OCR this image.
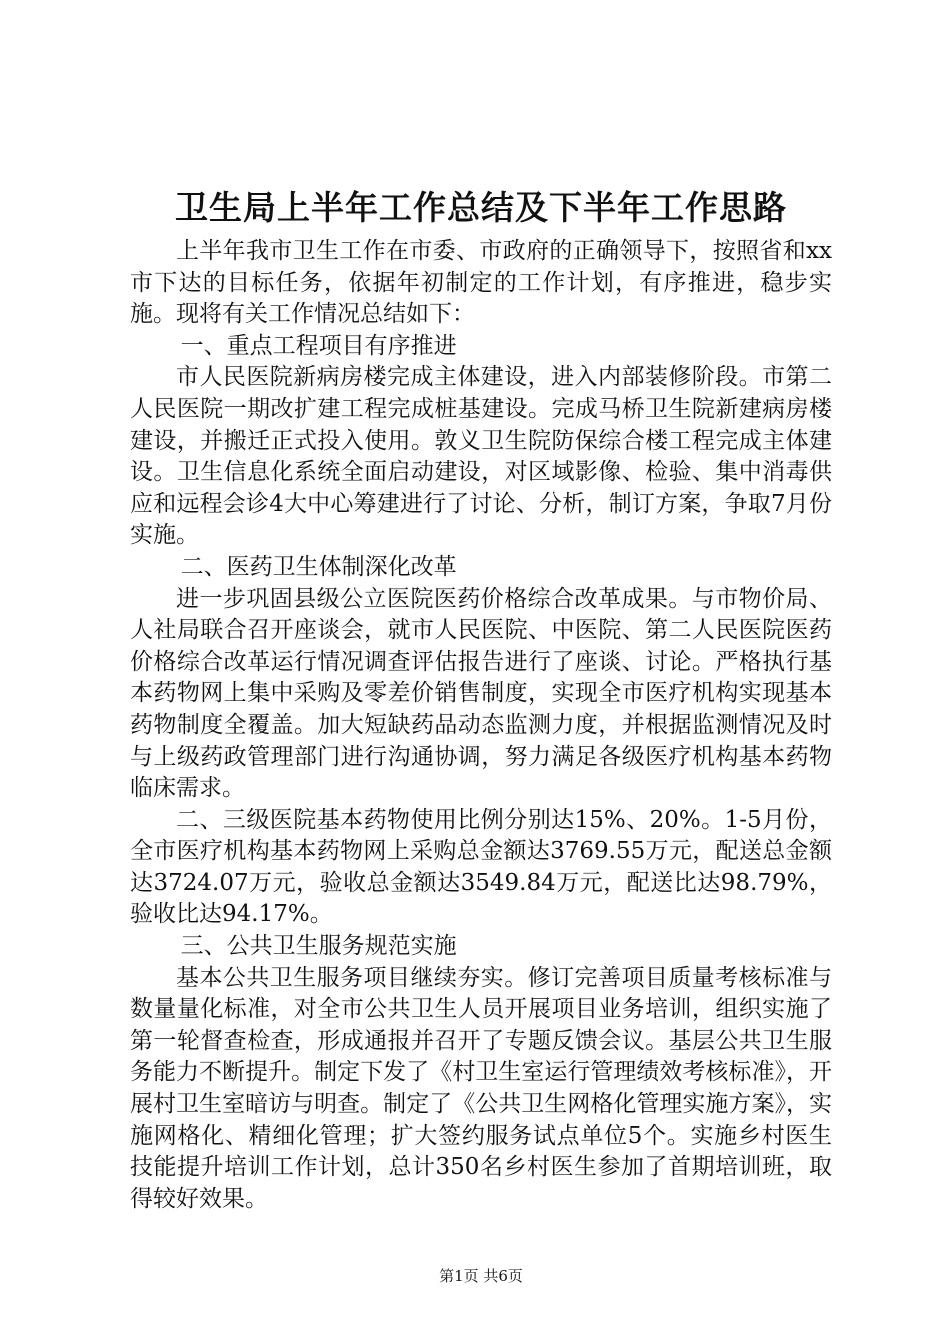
卫生局上半年工作总结及下半年工作思路

上半年我市卫生工作在市委、市政府的正确领导下，按照省和xx市下达的目标任务，依据年初制定的工作计划，有序推进，稳步实施。现将有关工作情况总结如下：

一、重点工程项目有序推进

市人民医院新病房楼完成主体建设，进入内部装修阶段。市第二人民医院一期改扩建工程完成桩基建设。完成马桥卫生院新建病房楼建设，并搬迁正式投入使用。敦义卫生院防保综合楼工程完成主体建设。卫生信息化系统全面启动建设，对区域影像、检验、集中消毒供应和远程会诊4大中心筹建进行了讨论、分析，制订方案，争取7月份实施。

二、医药卫生体制深化改革

进一步巩固县级公立医院医药价格综合改革成果。与市物价局、人社局联合召开座谈会，就市人民医院、中医院、第二人民医院医药价格综合改革运行情况调查评估报告进行了座谈、讨论。严格执行基本药物网上集中采购及零差价销售制度，实现全市医疗机构实现基本药物制度全覆盖。加大短缺药品动态监测力度，并根据监测情况及时与上级药政管理部门进行沟通协调，努力满足各级医疗机构基本药物临床需求。

二、三级医院基本药物使用比例分别达15%、20%。1-5月份，全市医疗机构基本药物网上采购总金额达3769.55万元，配送总金额达3724.07万元，验收总金额达3549.84万元，配送比达98.79%，验收比达94.17%。

三、公共卫生服务规范实施

基本公共卫生服务项目继续夯实。修订完善项目质量考核标准与数量量化标准，对全市公共卫生人员开展项目业务培训，组织实施了第一轮督查检查，形成通报并召开了专题反馈会议。基层公共卫生服务能力不断提升。制定下发了《村卫生室运行管理绩效考核标准》，开展村卫生室暗访与明查。制定了《公共卫生网格化管理实施方案》，实施网格化、精细化管理；扩大签约服务试点单位5个。实施乡村医生技能提升培训工作计划，总计350名乡村医生参加了首期培训班，取得较好效果。

第1页 共6页
